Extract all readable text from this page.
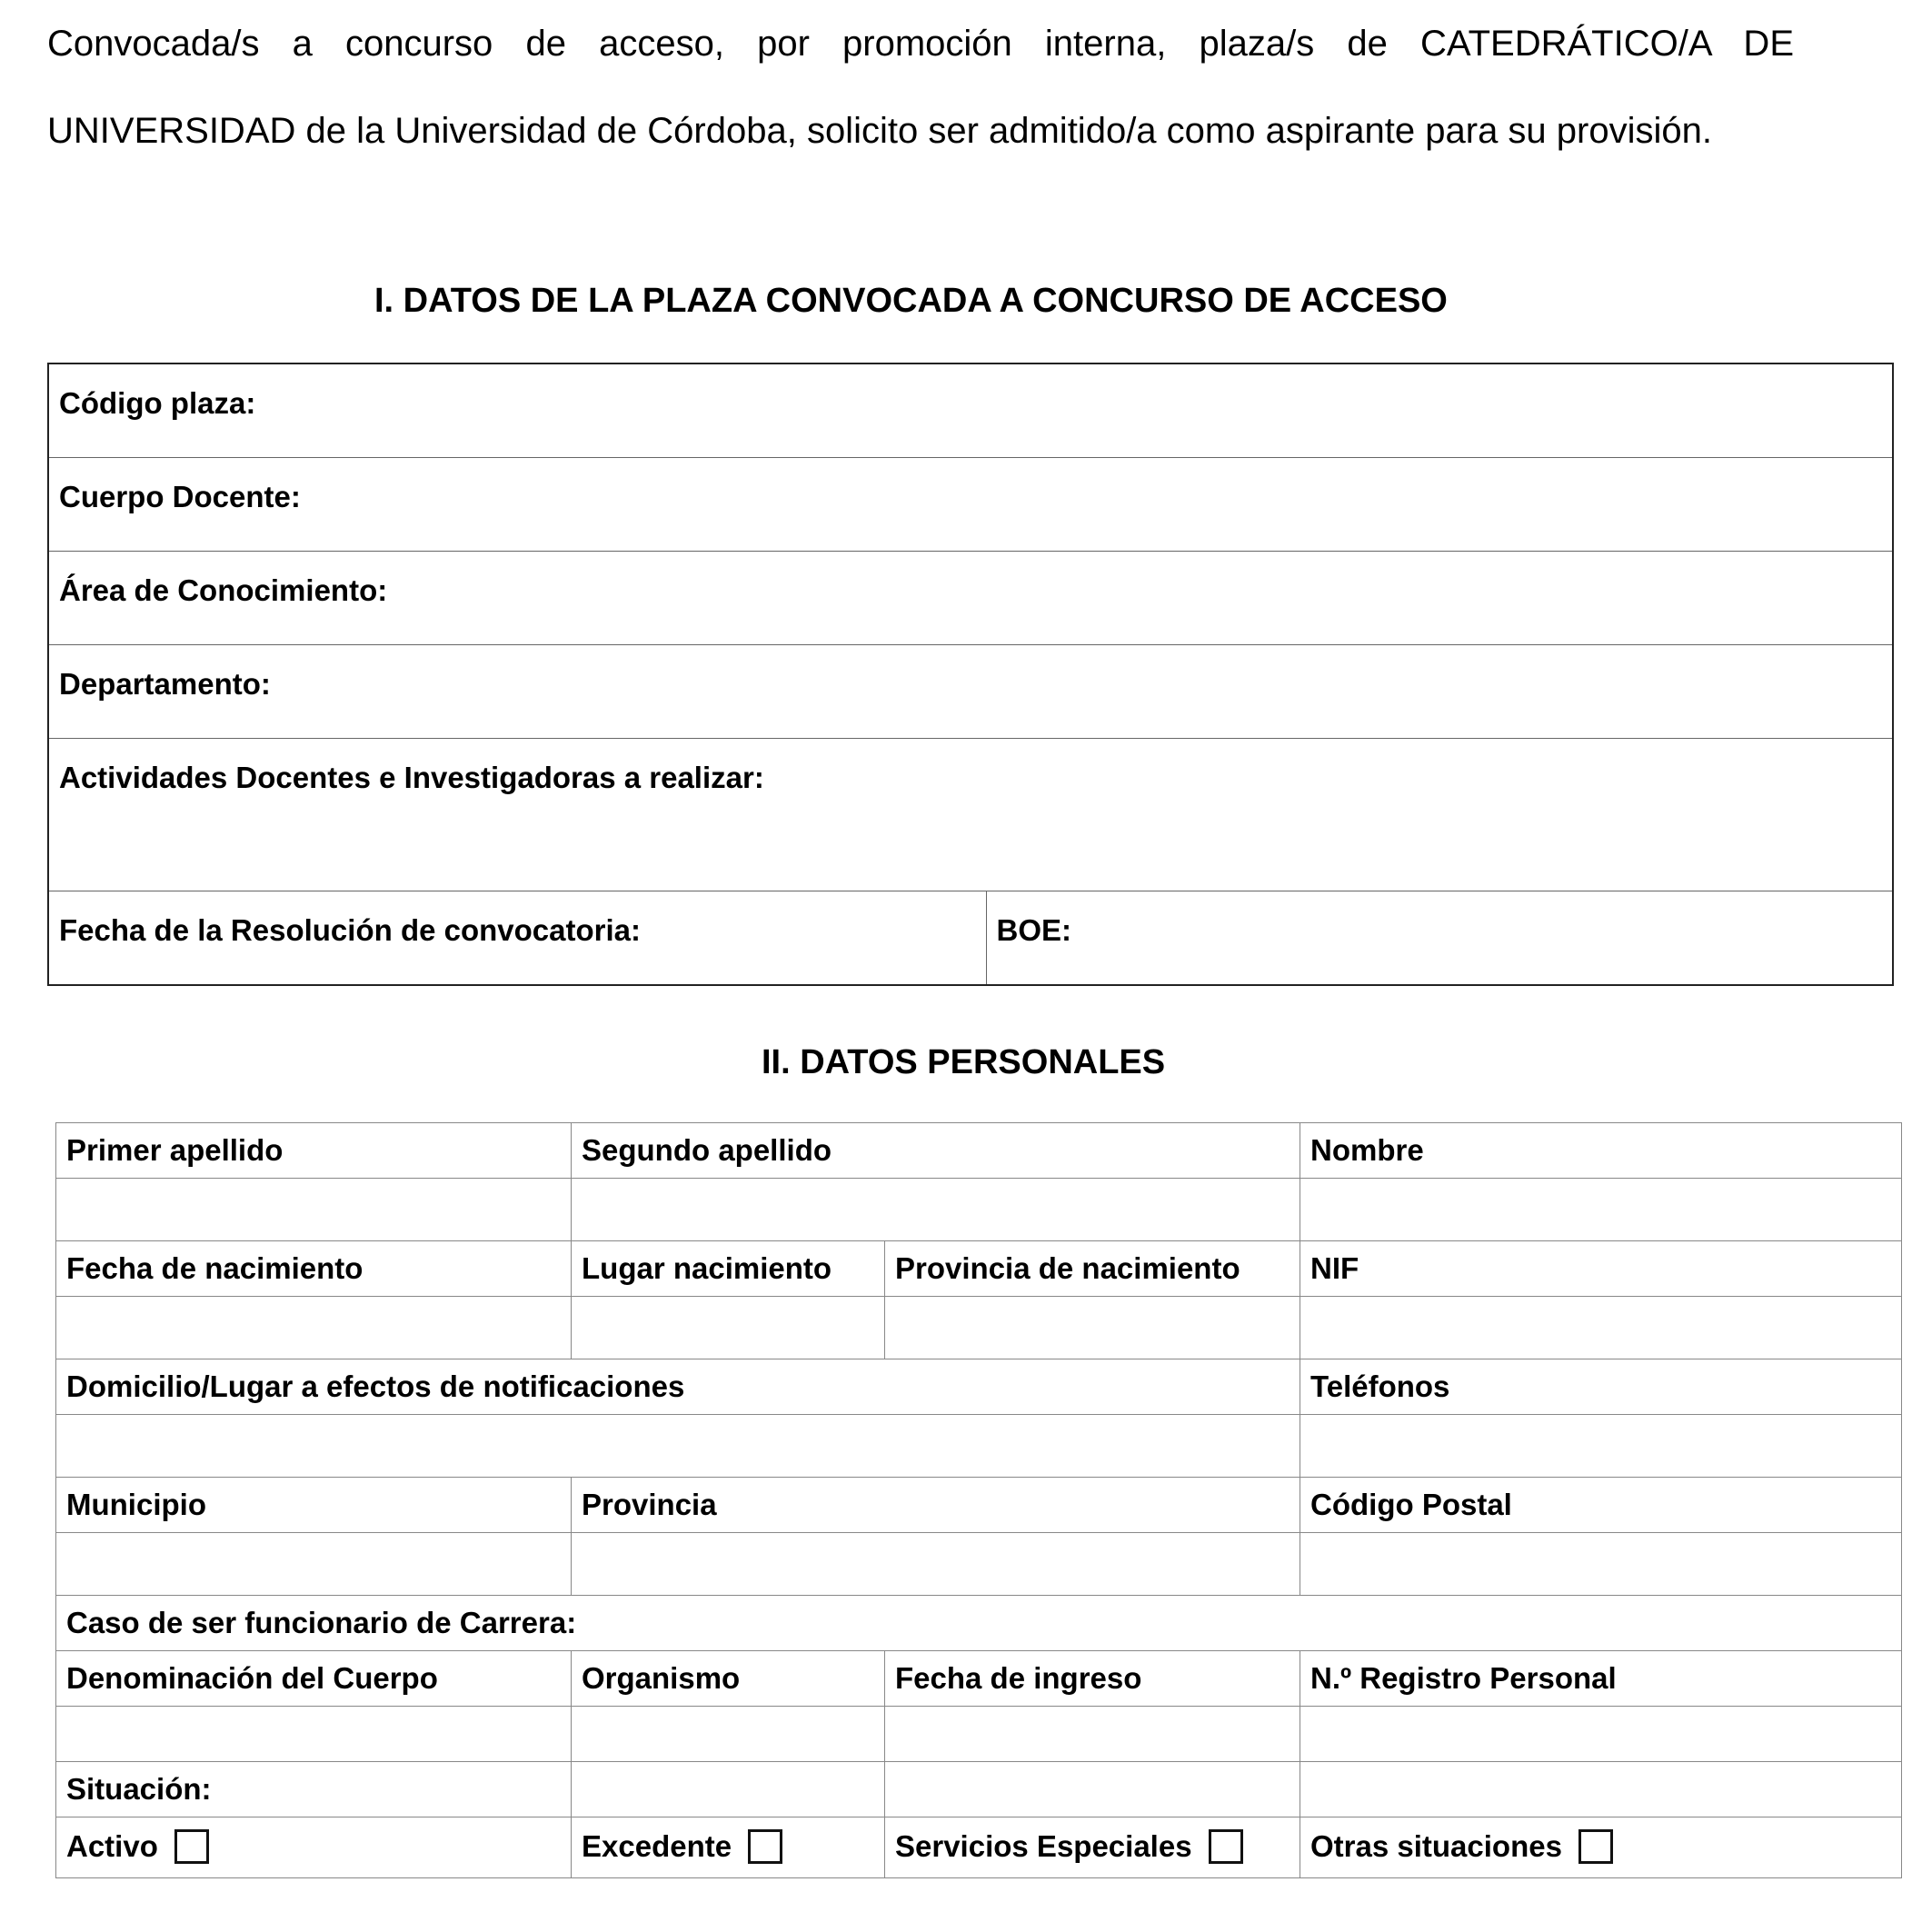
Convocada/s a concurso de acceso, por promoción interna, plaza/s de CATEDRÁTICO/A DE
UNIVERSIDAD de la Universidad de Córdoba, solicito ser admitido/a como aspirante para su provisión.
I. DATOS DE LA PLAZA CONVOCADA A CONCURSO DE ACCESO
Código plaza:
Cuerpo Docente:
Área de Conocimiento:
Departamento:
Actividades Docentes e Investigadoras a realizar:
Fecha de la Resolución de convocatoria:	BOE:
II. DATOS PERSONALES
Primer apellido	Segundo apellido		Nombre

Fecha de nacimiento	Lugar nacimiento	Provincia de nacimiento	NIF

Domicilio/Lugar a efectos de notificaciones			Teléfonos

Municipio	Provincia		Código Postal

Caso de ser funcionario de Carrera:			
Denominación del Cuerpo	Organismo	Fecha de ingreso	N.º Registro Personal

Situación:			
Activo	Excedente	Servicios Especiales	Otras situaciones
